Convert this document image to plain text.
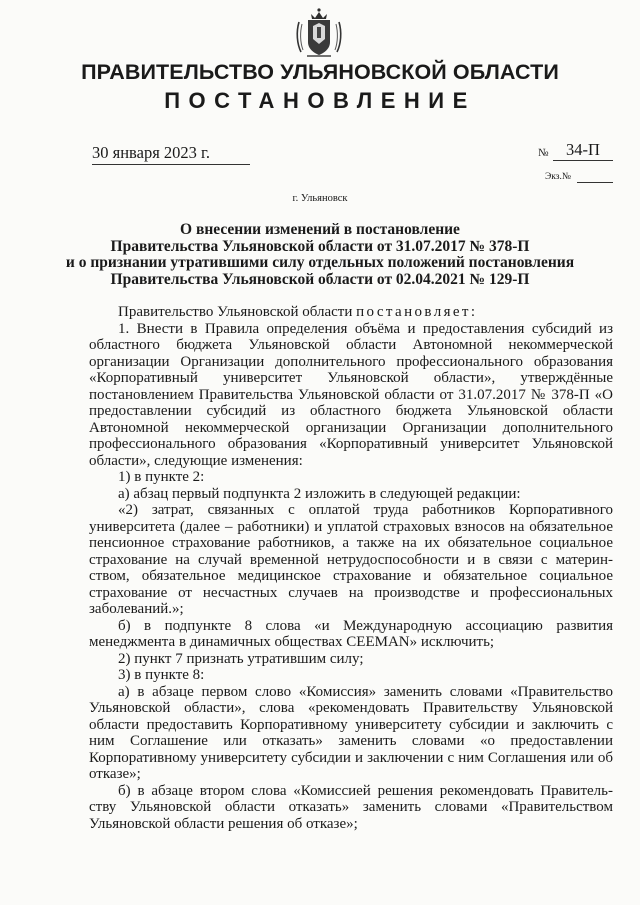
ПРАВИТЕЛЬСТВО УЛЬЯНОВСКОЙ ОБЛАСТИ
ПОСТАНОВЛЕНИЕ
30 января 2023 г.	№	34-П
Экз.№
г. Ульяновск
О внесении изменений в постановление
Правительства Ульяновской области от 31.07.2017 № 378-П
и о признании утратившими силу отдельных положений постановления
Правительства Ульяновской области от 02.04.2021 № 129-П

Правительство Ульяновской области постановляет:

1. Внести в Правила определения объёма и предоставления субсидий из областного бюджета Ульяновской области Автономной некоммерческой организации Организации дополнительного профессионального образования «Корпоративный университет Ульяновской области», утверждённые постановлением Правительства Ульяновской области от 31.07.2017 № 378-П «О предоставлении субсидий из областного бюджета Ульяновской области Автономной некоммерческой организации Организации дополнительного профессионального образования «Корпоративный университет Ульяновской области», следующие изменения:

1) в пункте 2:

а) абзац первый подпункта 2 изложить в следующей редакции:

«2) затрат, связанных с оплатой труда работников Корпоративного университета (далее – работники) и уплатой страховых взносов на обязательное пенсионное страхование работников, а также на их обязательное социальное страхование на случай временной нетрудоспособности и в связи с материн-ством, обязательное медицинское страхование и обязательное социальное страхование от несчастных случаев на производстве и профессиональных заболеваний.»;

б) в подпункте 8 слова «и Международную ассоциацию развития менеджмента в динамичных обществах CEEMAN» исключить;

2) пункт 7 признать утратившим силу;

3) в пункте 8:

а) в абзаце первом слово «Комиссия» заменить словами «Правительство Ульяновской области», слова «рекомендовать Правительству Ульяновской области предоставить Корпоративному университету субсидии и заключить с ним Соглашение или отказать» заменить словами «о предоставлении Корпоративному университету субсидии и заключении с ним Соглашения или об отказе»;

б) в абзаце втором слова «Комиссией решения рекомендовать Правитель-ству Ульяновской области отказать» заменить словами «Правительством Ульяновской области решения об отказе»;
